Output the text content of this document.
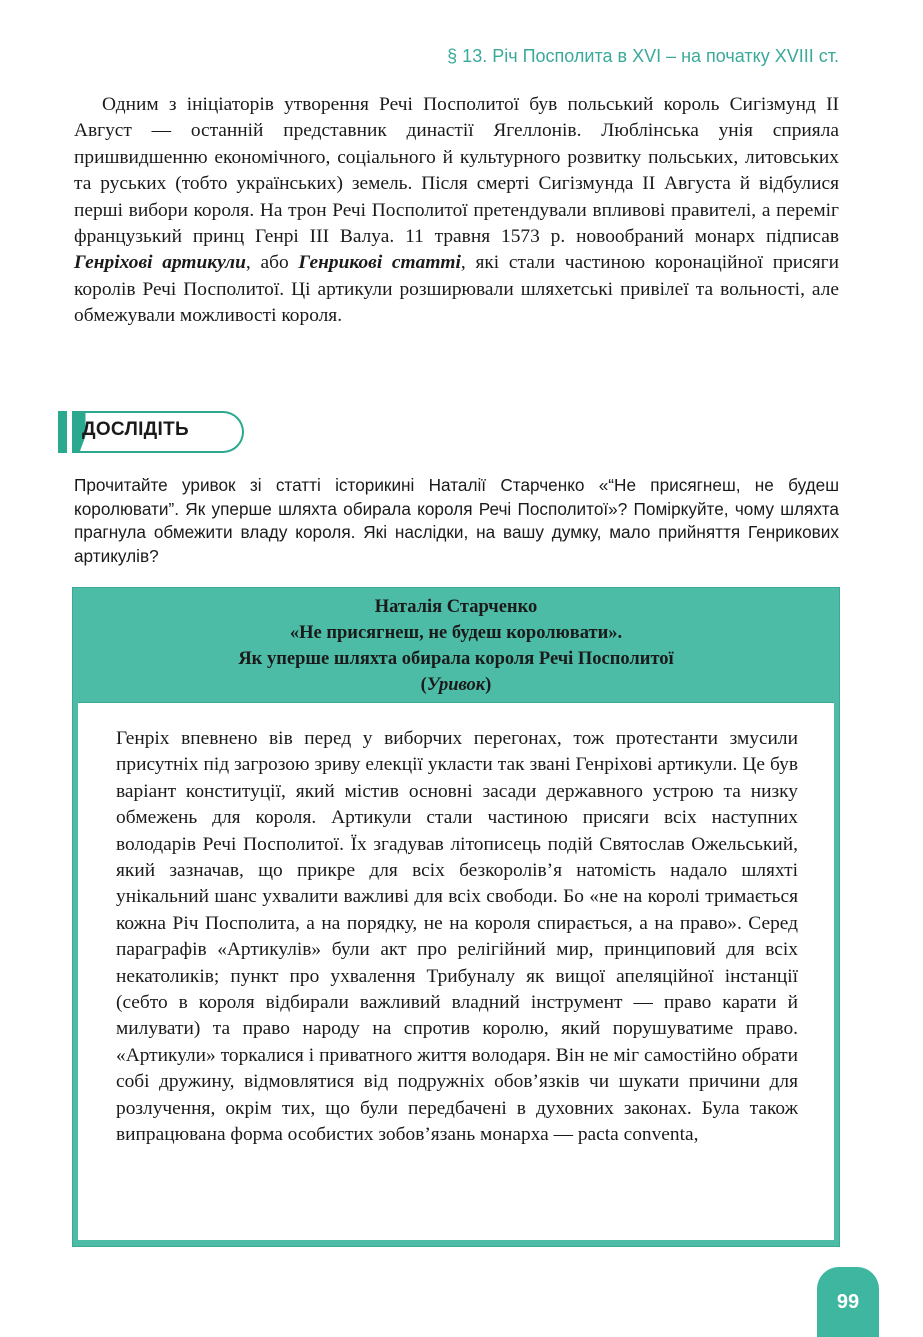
§ 13. Річ Посполита в XVI – на початку XVIII ст.

Одним з ініціаторів утворення Речі Посполитої був польський король Сигізмунд II Август — останній представник династії Ягеллонів. Люблінська унія сприяла пришвидшенню економічного, соціального й культурного розвитку польських, литовських та руських (тобто українських) земель. Після смерті Сигізмунда II Августа й відбулися перші вибори короля. На трон Речі Посполитої претендували впливові правителі, а переміг французький принц Генрі III Валуа. 11 травня 1573 р. новообраний монарх підписав Генріхові артикули, або Генрикові статті, які стали частиною коронаційної присяги королів Речі Посполитої. Ці артикули розширювали шляхетські привілеї та вольності, але обмежували можливості короля.

ДОСЛІДІТЬ

Прочитайте уривок зі статті історикині Наталії Старченко «“Не присягнеш, не будеш королювати”. Як уперше шляхта обирала короля Речі Посполитої»? Поміркуйте, чому шляхта прагнула обмежити владу короля. Які наслідки, на вашу думку, мало прийняття Генрикових артикулів?

Наталія Старченко
«Не присягнеш, не будеш королювати».
Як уперше шляхта обирала короля Речі Посполитої
(Уривок)

Генріх впевнено вів перед у виборчих перегонах, тож протестанти змусили присутніх під загрозою зриву елекції укласти так звані Генріхові артикули. Це був варіант конституції, який містив основні засади державного устрою та низку обмежень для короля. Артикули стали частиною присяги всіх наступних володарів Речі Посполитої. Їх згадував літописець подій Святослав Ожельський, який зазначав, що прикре для всіх безкоролів’я натомість надало шляхті унікальний шанс ухвалити важливі для всіх свободи. Бо «не на королі тримається кожна Річ Посполита, а на порядку, не на короля спирається, а на право». Серед параграфів «Артикулів» були акт про релігійний мир, принциповий для всіх некатоликів; пункт про ухвалення Трибуналу як вищої апеляційної інстанції (себто в короля відбирали важливий владний інструмент — право карати й милувати) та право народу на спротив королю, який порушуватиме право. «Артикули» торкалися і приватного життя володаря. Він не міг самостійно обрати собі дружину, відмовлятися від подружніх обов’язків чи шукати причини для розлучення, окрім тих, що були передбачені в духовних законах. Була також випрацювана форма особистих зобов’язань монарха — pacta conventa,

99
